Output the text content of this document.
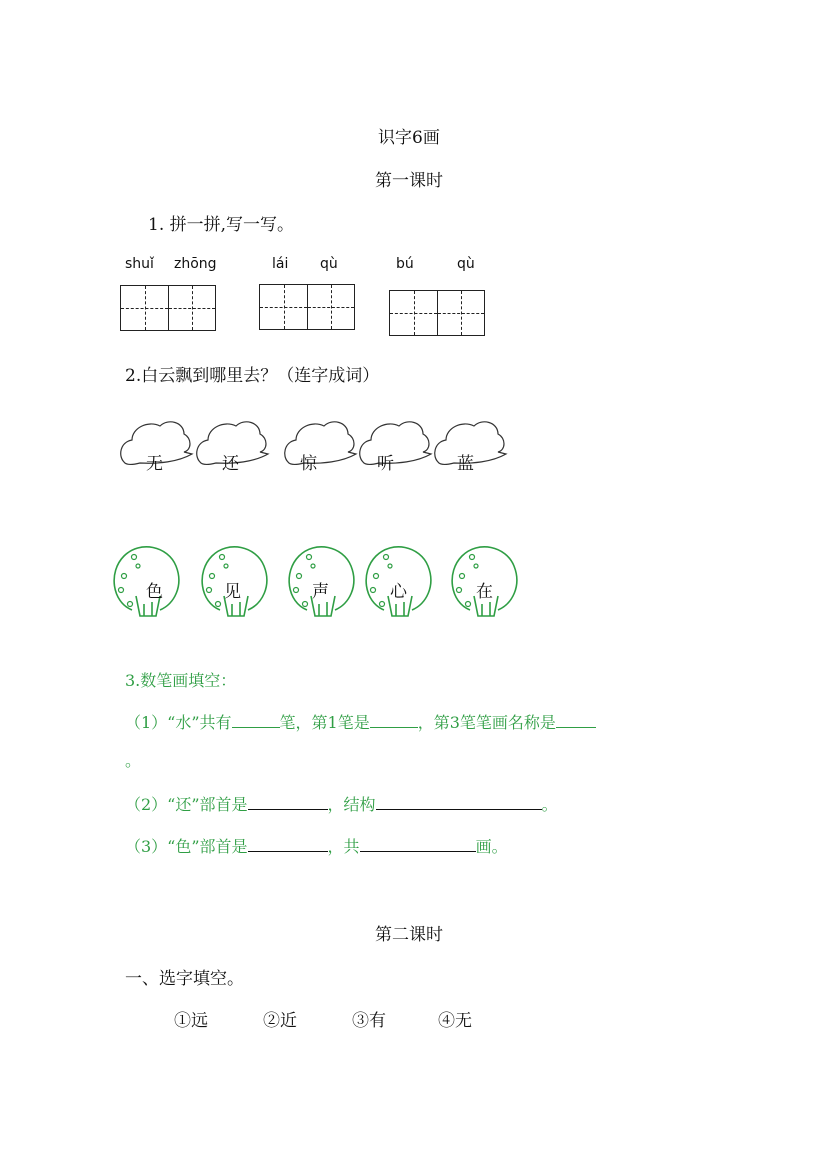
识字6画
第一课时
1. 拼一拼,写一写。
shuǐ zhōng	lái qù	bú	qù
2.白云飘到哪里去？（连字成词）
无	还	惊	听	蓝
色	见	声	心	在
3.数笔画填空：
（1）“水”共有	笔，第1笔是	，第3笔笔画名称是
。
（2）“还”部首是	，结构	。
（3）“色”部首是	，共	画。
第二课时
一、选字填空。
①远	②近	③有	④无
